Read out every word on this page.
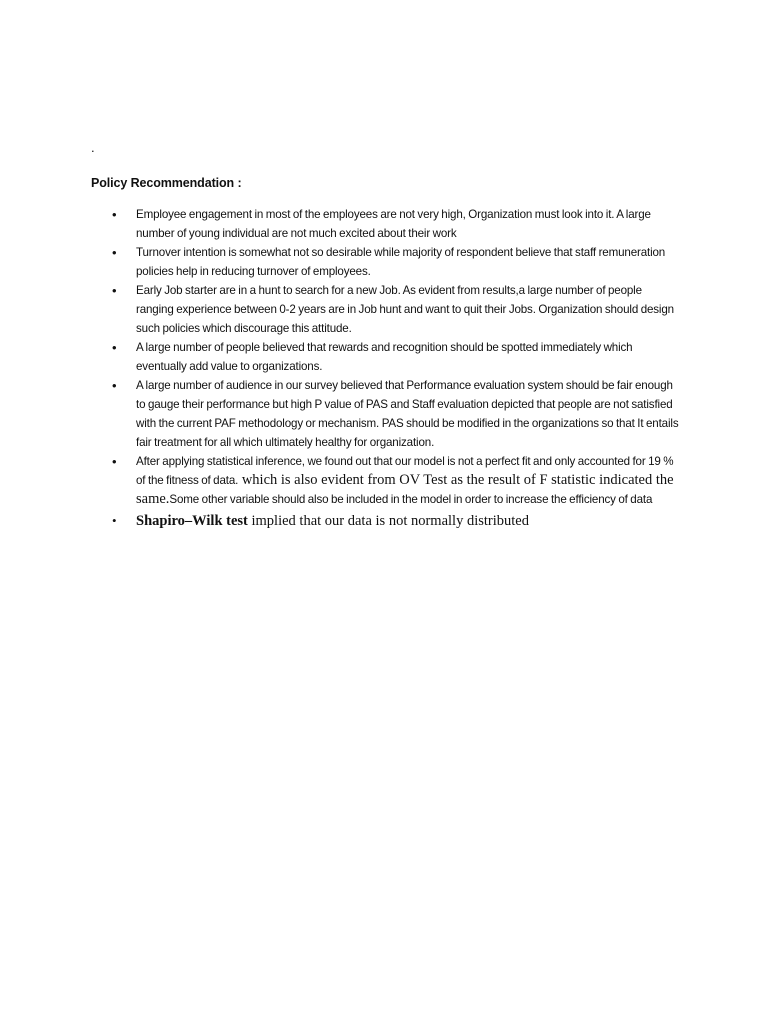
.
Policy Recommendation :
• Employee engagement in most of the employees are not very high, Organization must look into it. A large number of young individual are not much excited about their work
• Turnover intention is somewhat not so desirable while majority of respondent believe that staff remuneration policies help in reducing turnover of employees.
• Early Job starter are in a hunt to search for a new Job. As evident from results,a large number of people ranging experience between 0-2 years are in Job hunt and want to quit their Jobs. Organization should design such policies which discourage this attitude.
• A large number of people believed that rewards and recognition should be spotted immediately which eventually add value to organizations.
• A large number of audience in our survey believed that Performance evaluation system should be fair enough to gauge their performance but high P value of PAS and Staff evaluation depicted that people are not satisfied with the current PAF methodology or mechanism. PAS should be modified in the organizations so that It entails fair treatment for all which ultimately healthy for organization.
• After applying statistical inference, we found out that our model is not a perfect fit and only accounted for 19 % of the fitness of data. which is also evident from OV Test as the result of F statistic indicated the same.Some other variable should also be included in the model in order to increase the efficiency of data
• Shapiro–Wilk test implied that our data is not normally distributed
